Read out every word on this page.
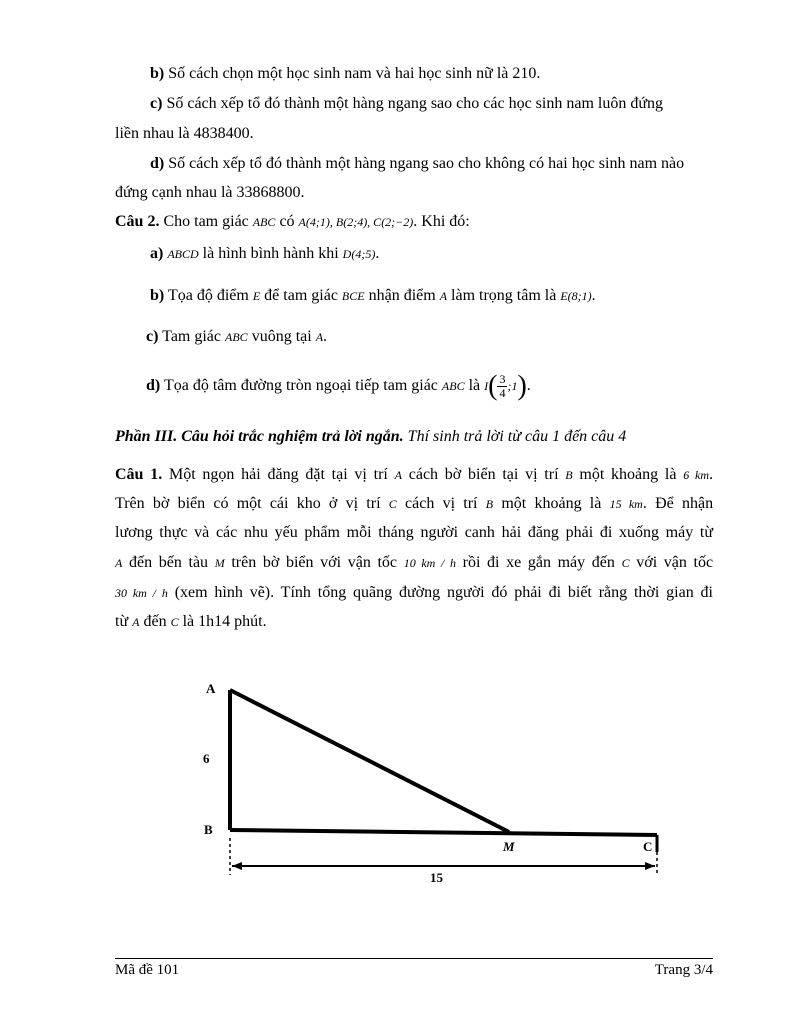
b) Số cách chọn một học sinh nam và hai học sinh nữ là 210.
c) Số cách xếp tổ đó thành một hàng ngang sao cho các học sinh nam luôn đứng
liền nhau là 4838400.
d) Số cách xếp tổ đó thành một hàng ngang sao cho không có hai học sinh nam nào
đứng cạnh nhau là 33868800.
Câu 2. Cho tam giác ABC có A(4;1), B(2;4), C(2;−2). Khi đó:
a) ABCD là hình bình hành khi D(4;5).
b) Tọa độ điểm E để tam giác BCE nhận điểm A làm trọng tâm là E(8;1).
c) Tam giác ABC vuông tại A.
d) Tọa độ tâm đường tròn ngoại tiếp tam giác ABC là $I( \frac{3}{4}$ ;1).
Phần III. Câu hỏi trắc nghiệm trả lời ngắn. Thí sinh trả lời từ câu 1 đến câu 4
Câu 1. Một ngọn hải đăng đặt tại vị trí A cách bờ biển tại vị trí B một khoảng là 6 km.
Trên bờ biển có một cái kho ở vị trí C cách vị trí B một khoảng là 15 km. Để nhận
lương thực và các nhu yếu phẩm mỗi tháng người canh hải đăng phải đi xuống máy từ
A đến bến tàu M trên bờ biển với vận tốc 10 km / h rồi đi xe gắn máy đến C với vận tốc
30 km / h (xem hình vẽ). Tính tổng quãng đường người đó phải đi biết rằng thời gian đi
từ A đến C là 1h14 phút.
A
B
M	C
6
15
Mã đề 101	Trang 3/4
